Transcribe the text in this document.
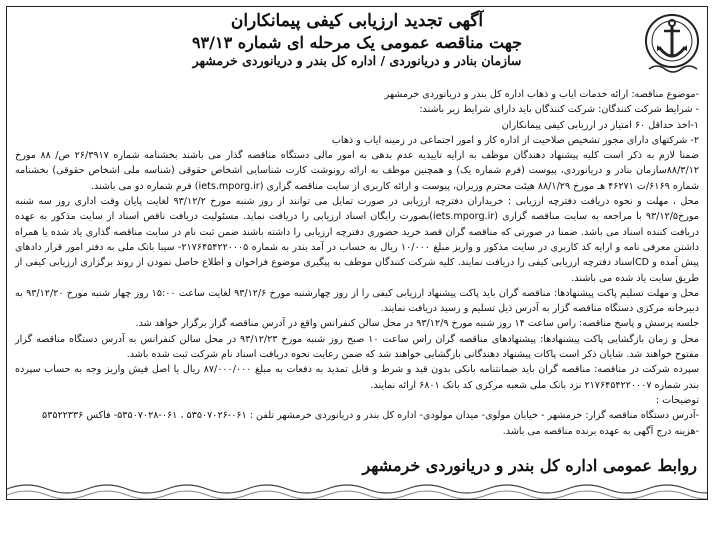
آگهی تجدید ارزیابی کیفی پیمانکاران
جهت مناقصه عمومی یک مرحله ای شماره ۹۳/۱۳
سازمان بنادر و دریانوردی / اداره کل بندر و دریانوردی خرمشهر

-موضوع مناقصه: ارائه خدمات ایاب و ذهاب اداره کل بندر و دریانوردی خرمشهر

- شرایط شرکت کنندگان: شرکت کنندگان باید دارای شرایط زیر باشند:

۱-اخذ حداقل ۶۰ امتیاز در ارزیابی کیفی پیمانکاران

۲- شرکتهای دارای مجوز تشخیص صلاحیت از اداره کار و امور اجتماعی در زمینه ایاب و ذهاب

ضمنا لازم به ذکر است کلیه پیشنهاد دهندگان موظف به ارایه تاییدیه عدم بدهی به امور مالی دستگاه مناقصه گذار می باشند بخشنامه شماره ۲۶/۳۹۱۷ ص/ ۸۸ مورخ ۸۸/۳/۱۲سازمان بنادر و دریانوردی، پیوست (فرم شماره یک) و همچنین موظف به ارائه رونوشت کارت شناسایی اشخاص حقوقی (شناسه ملی اشخاص حقوقی) بخشنامه شماره ۶۱۶۹/ت ۴۶۲۷۱ هـ مورخ ۸۸/۱/۲۹ هیئت محترم وزیران، پیوست و ارائه کاربری از سایت مناقصه گزاری (iets.mporg.ir) فرم شماره دو می باشند.

محل ، مهلت و نحوه دریافت دفترچه ارزیابی : خریداران دفترچه ارزیابی در صورت تمایل می توانند از روز شنبه مورخ ۹۳/۱۲/۲ لغایت پایان وقت اداری روز سه شنبه مورخ۹۳/۱۲/۵ با مراجعه به سایت مناقصه گزاری (iets.mporg.ir)بصورت رایگان اسناد ارزیابی را دریافت نماید. مسئولیت دریافت ناقص اسناد از سایت مذکور به عهده دریافت کننده اسناد می باشد. ضمنا در صورتی که مناقصه گران قصد خرید حضوری دفترچه ارزیابی را داشته باشند ضمن ثبت نام در سایت مناقصه گذاری یاد شده یا همراه داشتن معرفی نامه و ارایه کد کاربری در سایت مذکور و واریز مبلغ ۱۰/۰۰۰ ریال به حساب در آمد بندر به شماره ۲۱۷۶۴۵۴۲۲۰۰۰۵- سیبا بانک ملی به دفتر امور قرار دادهای پیش آمده و CDاسناد دفترچه ارزیابی کیفی را دریافت نمایند. کلیه شرکت کنندگان موظف به پیگیری موضوع فراخوان و اطلاع حاصل نمودن از روند برگزاری ارزیابی کیفی از طریق سایت یاد شده می باشند.

محل و مهلت تسلیم پاکت پیشنهادها: مناقصه گران باید پاکت پیشنهاد ارزیابی کیفی را از روز چهارشنبه مورخ ۹۳/۱۲/۶ لغایت ساعت ۱۵:۰۰ روز چهار شنبه مورخ ۹۳/۱۲/۲۰ به دبیرخانه مرکزی دستگاه مناقصه گزار به آدرس ذیل تسلیم و رسید دریافت نمایند.

جلسه پرسش و پاسخ مناقصه: راس ساعت ۱۴ روز شنبه مورخ ۹۳/۱۲/۹ در محل سالن کنفرانس واقع در آدرس مناقصه گزار برگزار خواهد شد.

محل و زمان بازگشایی پاکت پیشنهادها: پیشنهادهای مناقصه گران راس ساعت ۱۰ صبح روز شنبه مورخ ۹۳/۱۲/۲۳ در محل سالن کنفرانس به آدرس دستگاه مناقصه گزار مفتوح خواهند شد. شایان ذکر است پاکات پیشنهاد دهندگانی بازگشایی خواهند شد که ضمن رعایت نحوه دریافت اسناد نام شرکت ثبت شده باشد.

سپرده شرکت در مناقصه: مناقصه گران باید ضمانتنامه بانکی بدون قید و شرط و قابل تمدید به دفعات به مبلغ ۸۷/۰۰۰/۰۰۰ ریال یا اصل فیش واریز وجه به حساب سپرده بندر شماره ۲۱۷۶۴۵۴۲۲۰۰۰۷ نزد بانک ملی شعبه مرکزی کد بانک ۶۸۰۱ ارائه نمایند.

توضیحات :

-آدرس دستگاه مناقصه گزار: خرمشهر - خیابان مولوی- میدان مولودی- اداره کل بندر و دریانوردی خرمشهر تلفن : ۰۶۱-۵۳۵۰۷۰۲۶ ، ۰۶۱-۵۳۵۰۷۰۲۸- فاکس ۵۳۵۲۲۳۳۶

-هزینه درج آگهی به عهده برنده مناقصه می باشد.

روابط عمومی اداره کل بندر و دریانوردی خرمشهر
